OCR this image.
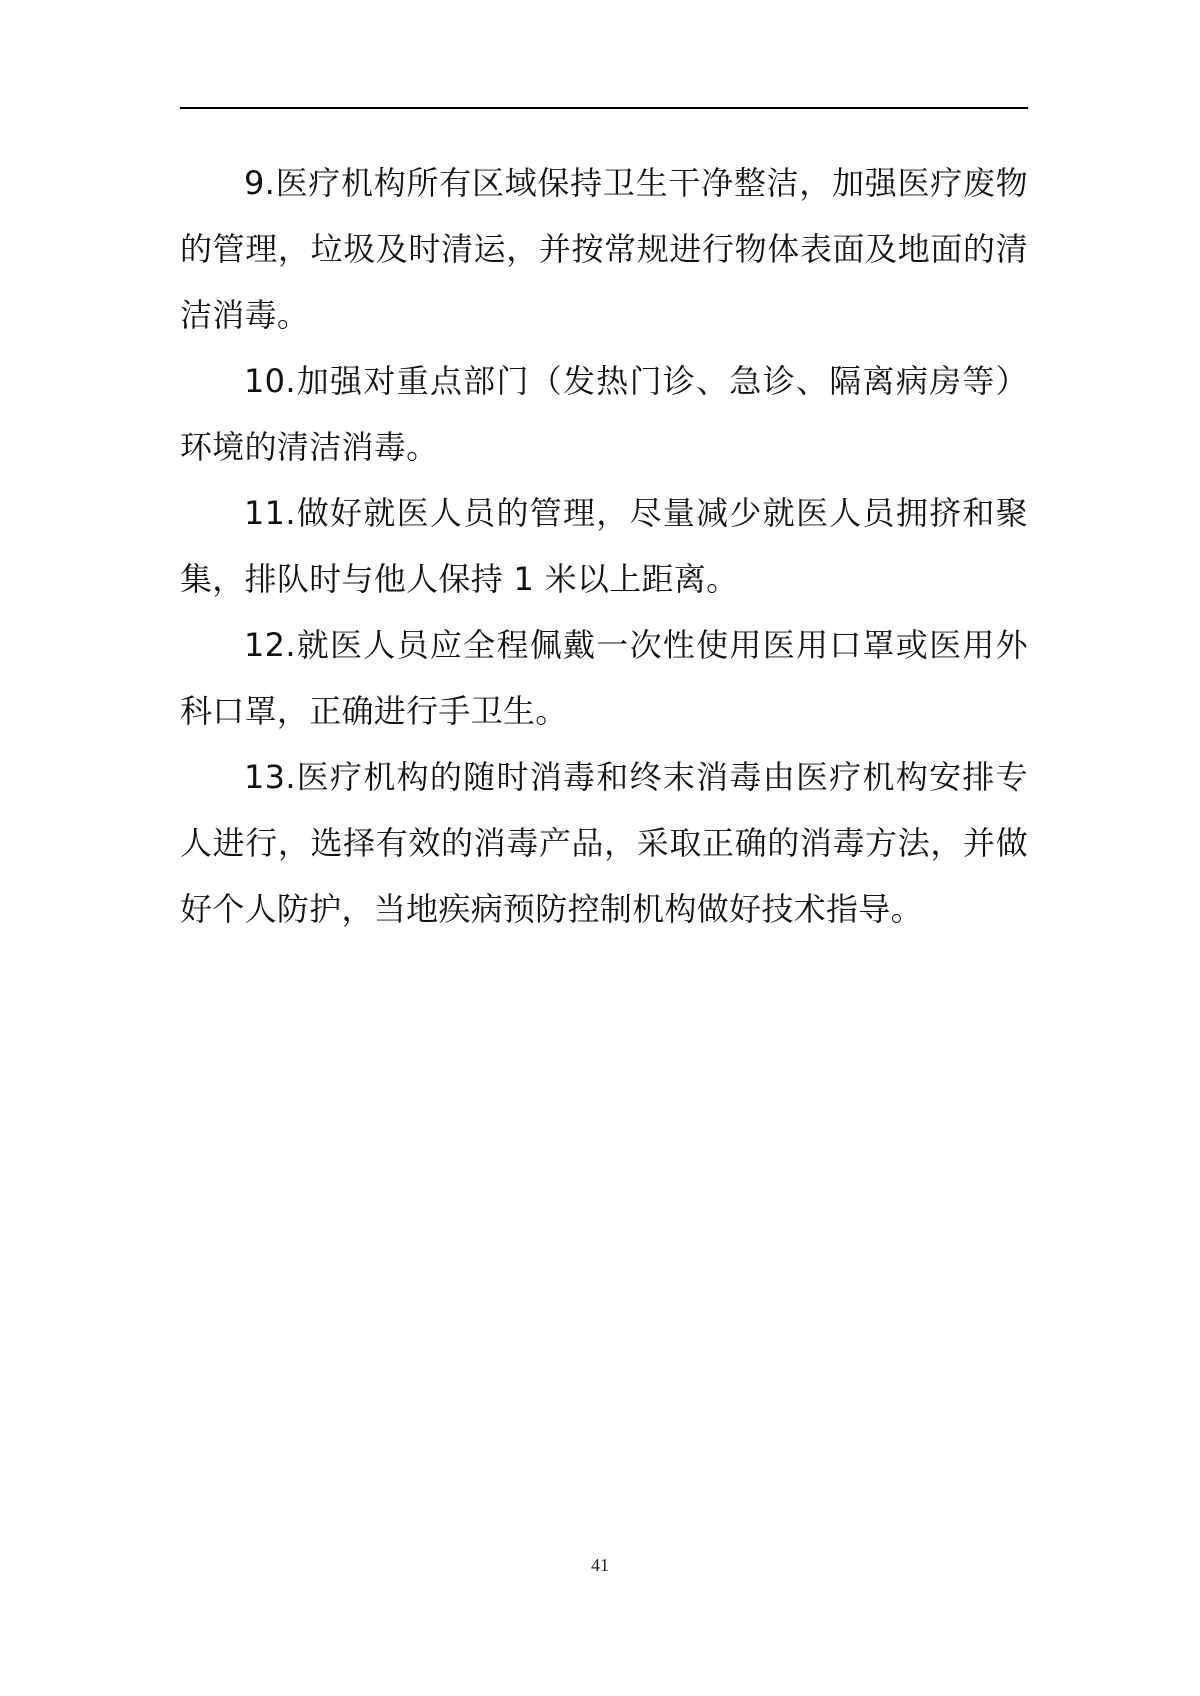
9.医疗机构所有区域保持卫生干净整洁，加强医疗废物的管理，垃圾及时清运，并按常规进行物体表面及地面的清洁消毒。

10.加强对重点部门（发热门诊、急诊、隔离病房等）环境的清洁消毒。

11.做好就医人员的管理，尽量减少就医人员拥挤和聚集，排队时与他人保持 1 米以上距离。

12.就医人员应全程佩戴一次性使用医用口罩或医用外科口罩，正确进行手卫生。

13.医疗机构的随时消毒和终末消毒由医疗机构安排专人进行，选择有效的消毒产品，采取正确的消毒方法，并做好个人防护，当地疾病预防控制机构做好技术指导。

41
